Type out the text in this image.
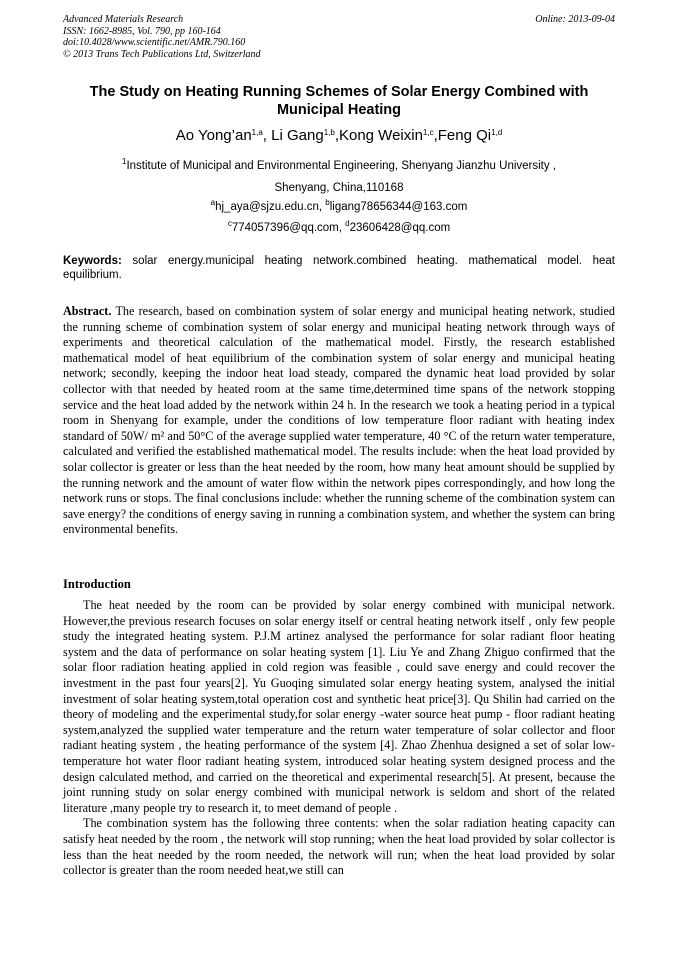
Advanced Materials Research
ISSN: 1662-8985, Vol. 790, pp 160-164
doi:10.4028/www.scientific.net/AMR.790.160
© 2013 Trans Tech Publications Ltd, Switzerland
Online: 2013-09-04
The Study on Heating Running Schemes of Solar Energy Combined with Municipal Heating
Ao Yong’an$^{1,a}$, Li Gang$^{1,b}$,Kong Weixin$^{1,c}$,Feng Qi$^{1,d}$
$^1$Institute of Municipal and Environmental Engineering, Shenyang Jianzhu University ,
Shenyang, China,110168
$^a$hj_aya@sjzu.edu.cn, $^b$ligang78656344@163.com
$^c$774057396@qq.com, $^d$23606428@qq.com
Keywords: solar energy.municipal heating network.combined heating. mathematical model. heat equilibrium.
Abstract. The research, based on combination system of solar energy and municipal heating network, studied the running scheme of combination system of solar energy and municipal heating network through ways of experiments and theoretical calculation of the mathematical model. Firstly, the research established mathematical model of heat equilibrium of the combination system of solar energy and municipal heating network; secondly, keeping the indoor heat load steady, compared the dynamic heat load provided by solar collector with that needed by heated room at the same time,determined time spans of the network stopping service and the heat load added by the network within 24 h. In the research we took a heating period in a typical room in Shenyang for example, under the conditions of low temperature floor radiant with heating index standard of 50W/ m² and 50°C of the average supplied water temperature, 40 °C of the return water temperature, calculated and verified the established mathematical model. The results include: when the heat load provided by solar collector is greater or less than the heat needed by the room, how many heat amount should be supplied by the running network and the amount of water flow within the network pipes correspondingly, and how long the network runs or stops. The final conclusions include: whether the running scheme of the combination system can save energy? the conditions of energy saving in running a combination system, and whether the system can bring environmental benefits.
Introduction

The heat needed by the room can be provided by solar energy combined with municipal network. However,the previous research focuses on solar energy itself or central heating network itself , only few people study the integrated heating system. P.J.M artinez analysed the performance for solar radiant floor heating system and the data of performance on solar heating system [1]. Liu Ye and Zhang Zhiguo confirmed that the solar floor radiation heating applied in cold region was feasible , could save energy and could recover the investment in the past four years[2]. Yu Guoqing simulated solar energy heating system, analysed the initial investment of solar heating system,total operation cost and synthetic heat price[3]. Qu Shilin had carried on the theory of modeling and the experimental study,for solar energy -water source heat pump - floor radiant heating system,analyzed the supplied water temperature and the return water temperature of solar collector and floor radiant heating system , the heating performance of the system [4]. Zhao Zhenhua designed a set of solar low-temperature hot water floor radiant heating system, introduced solar heating system designed process and the design calculated method, and carried on the theoretical and experimental research[5]. At present, because the joint running study on solar energy combined with municipal network is seldom and short of the related literature ,many people try to research it, to meet demand of people .

The combination system has the following three contents: when the solar radiation heating capacity can satisfy heat needed by the room , the network will stop running; when the heat load provided by solar collector is less than the heat needed by the room needed, the network will run; when the heat load provided by solar collector is greater than the room needed heat,we still can
